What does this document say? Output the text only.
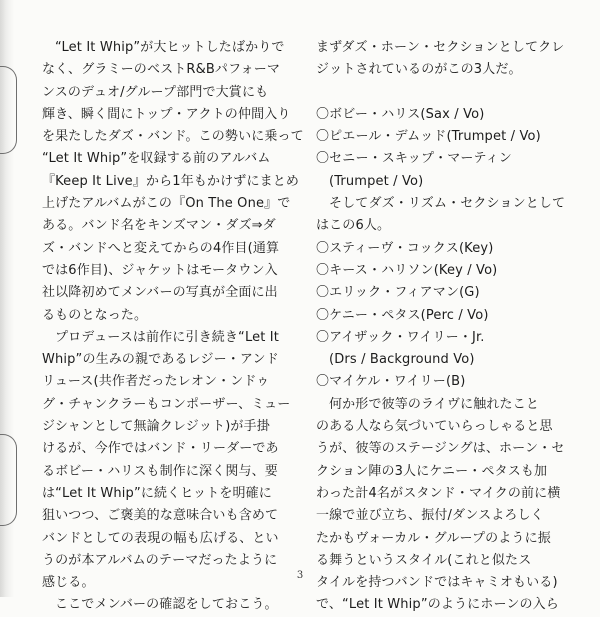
“Let It Whip”が大ヒットしたばかりで
なく、グラミーのベストR&Bパフォーマ
ンスのデュオ/グループ部門で大賞にも
輝き、瞬く間にトップ・アクトの仲間入り
を果たしたダズ・バンド。この勢いに乗って
“Let It Whip”を収録する前のアルバム
『Keep It Live』から1年もかけずにまとめ
上げたアルバムがこの『On The One』で
ある。バンド名をキンズマン・ダズ⇒ダ
ズ・バンドへと変えてからの4作目(通算
では6作目)、ジャケットはモータウン入
社以降初めてメンバーの写真が全面に出
るものとなった。
プロデュースは前作に引き続き“Let It
Whip”の生みの親であるレジー・アンド
リュース(共作者だったレオン・ンドゥ
グ・チャンクラーもコンポーザー、ミュー
ジシャンとして無論クレジット)が手掛
けるが、今作ではバンド・リーダーであ
るボビー・ハリスも制作に深く関与、要
は“Let It Whip”に続くヒットを明確に
狙いつつ、ご褒美的な意味合いも含めて
バンドとしての表現の幅も広げる、とい
うのが本アルバムのテーマだったように
感じる。
ここでメンバーの確認をしておこう。
まずダズ・ホーン・セクションとしてクレ
ジットされているのがこの3人だ。
〇ボビー・ハリス(Sax / Vo)
〇ピエール・デムッド(Trumpet / Vo)
〇セニー・スキップ・マーティン
(Trumpet / Vo)
そしてダズ・リズム・セクションとして
はこの6人。
〇スティーヴ・コックス(Key)
〇キース・ハリソン(Key / Vo)
〇エリック・フィアマン(G)
〇ケニー・ペタス(Perc / Vo)
〇アイザック・ワイリー・Jr.
(Drs / Background Vo)
〇マイケル・ワイリー(B)
何か形で彼等のライヴに触れたこと
のある人なら気づいていらっしゃると思
うが、彼等のステージングは、ホーン・セ
クション陣の3人にケニー・ペタスも加
わった計4名がスタンド・マイクの前に横
一線で並び立ち、振付/ダンスよろしく
たかもヴォーカル・グループのように振
る舞うというスタイル(これと似たス
タイルを持つバンドではキャミオもいる)
で、“Let It Whip”のようにホーンの入ら
3
